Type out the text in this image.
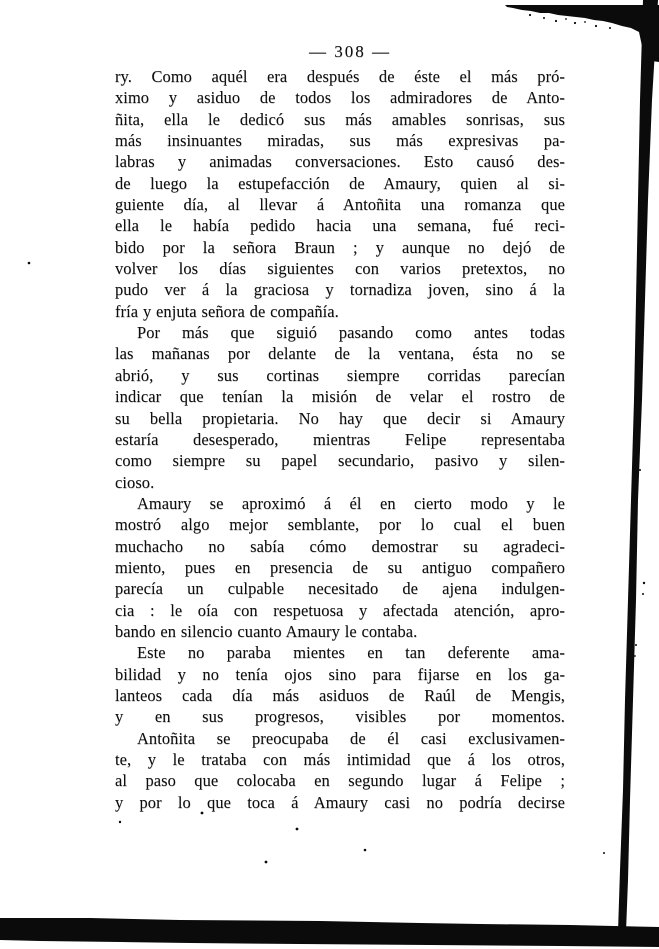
— 308 —
ry. Como aquél era después de éste el más pró-
ximo y asiduo de todos los admiradores de Anto-
ñita, ella le dedicó sus más amables sonrisas, sus
más insinuantes miradas, sus más expresivas pa-
labras y animadas conversaciones. Esto causó des-
de luego la estupefacción de Amaury, quien al si-
guiente día, al llevar á Antoñita una romanza que
ella le había pedido hacia una semana, fué reci-
bido por la señora Braun ; y aunque no dejó de
volver los días siguientes con varios pretextos, no
pudo ver á la graciosa y tornadiza joven, sino á la
fría y enjuta señora de compañía.
Por más que siguió pasando como antes todas
las mañanas por delante de la ventana, ésta no se
abrió, y sus cortinas siempre corridas parecían
indicar que tenían la misión de velar el rostro de
su bella propietaria. No hay que decir si Amaury
estaría desesperado, mientras Felipe representaba
como siempre su papel secundario, pasivo y silen-
cioso.
Amaury se aproximó á él en cierto modo y le
mostró algo mejor semblante, por lo cual el buen
muchacho no sabía cómo demostrar su agradeci-
miento, pues en presencia de su antiguo compañero
parecía un culpable necesitado de ajena indulgen-
cia : le oía con respetuosa y afectada atención, apro-
bando en silencio cuanto Amaury le contaba.
Este no paraba mientes en tan deferente ama-
bilidad y no tenía ojos sino para fijarse en los ga-
lanteos cada día más asiduos de Raúl de Mengis,
y en sus progresos, visibles por momentos.
Antoñita se preocupaba de él casi exclusivamen-
te, y le trataba con más intimidad que á los otros,
al paso que colocaba en segundo lugar á Felipe ;
y por lo que toca á Amaury casi no podría decirse
